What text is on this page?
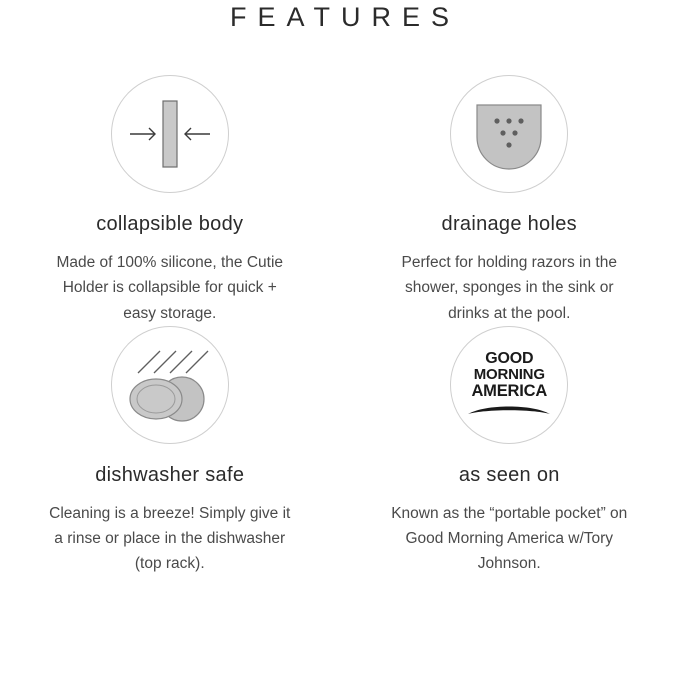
FEATURES
collapsible body
Made of 100% silicone, the Cutie Holder is collapsible for quick + easy storage.
drainage holes
Perfect for holding razors in the shower, sponges in the sink or drinks at the pool.
dishwasher safe
Cleaning is a breeze! Simply give it a rinse or place in the dishwasher (top rack).
GOOD
MORNING
AMERICA
as seen on
Known as the “portable pocket” on Good Morning America w/Tory Johnson.
